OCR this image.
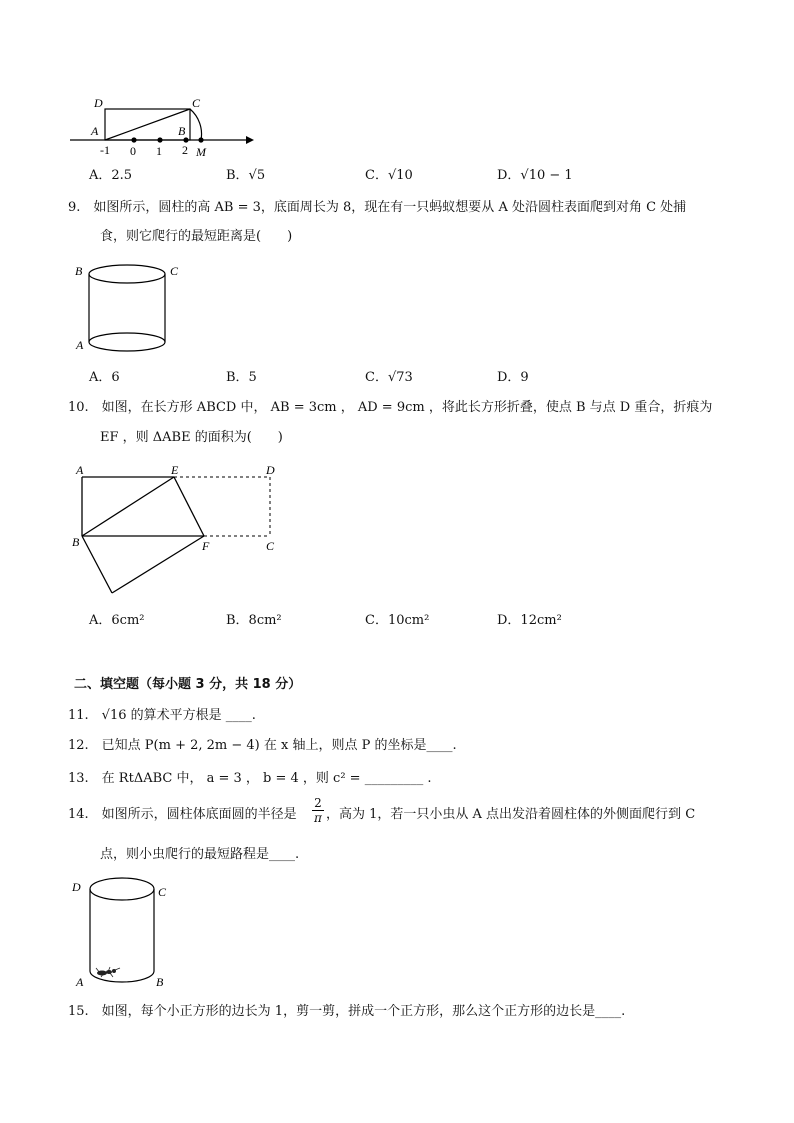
D	C
A	B
-1 0 1 2 M
A．2.5	B．√5	C．√10	D．√10 − 1
9.　如图所示，圆柱的高 AB = 3，底面周长为 8，现在有一只蚂蚁想要从 A 处沿圆柱表面爬到对角 C 处捕
食，则它爬行的最短距离是(　　)
B	C
A
A．6	B．5	C．√73	D．9
10.　如图，在长方形 ABCD 中， AB = 3cm ， AD = 9cm ，将此长方形折叠，使点 B 与点 D 重合，折痕为
EF ，则 ΔABE 的面积为(　　)
A	E	D
B	F	C
A．6cm²	B．8cm²	C．10cm²	D．12cm²
二、填空题（每小题 3 分，共 18 分）
11.　√16 的算术平方根是 ____.
12.　已知点 P(m + 2, 2m − 4) 在 x 轴上，则点 P 的坐标是____.
13.　在 RtΔABC 中， a = 3 ， b = 4 ，则 c² = _________ .
14.　如图所示，圆柱体底面圆的半径是 $\frac{2}{\pi}$ ，高为 1，若一只小虫从 A 点出发沿着圆柱体的外侧面爬行到 C
点，则小虫爬行的最短路程是____.
D	C
A	B
15.　如图，每个小正方形的边长为 1，剪一剪，拼成一个正方形，那么这个正方形的边长是____.
